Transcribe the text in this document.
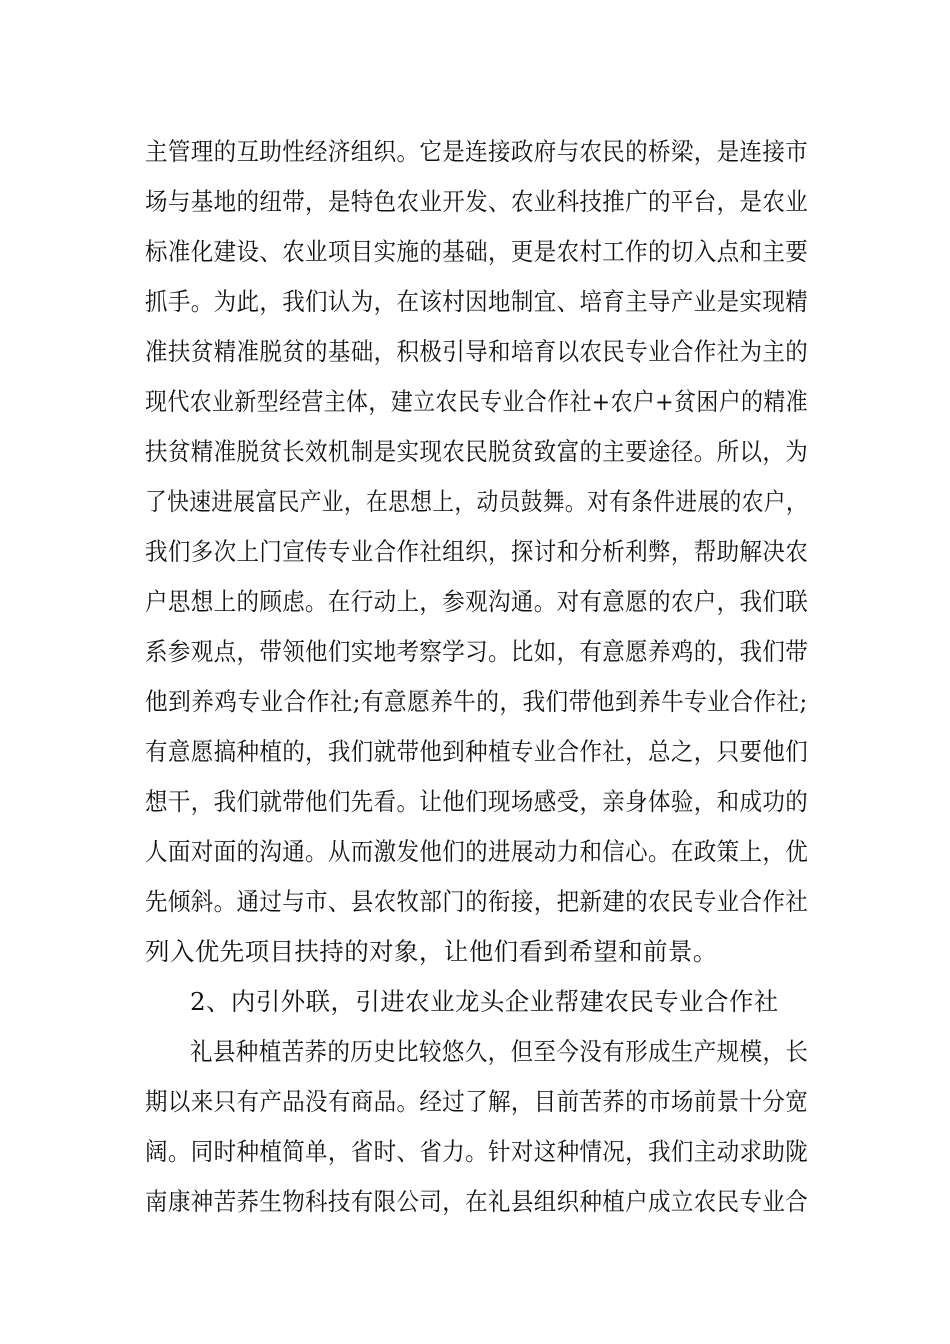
主管理的互助性经济组织。它是连接政府与农民的桥梁，是连接市
场与基地的纽带，是特色农业开发、农业科技推广的平台，是农业
标准化建设、农业项目实施的基础，更是农村工作的切入点和主要
抓手。为此，我们认为，在该村因地制宜、培育主导产业是实现精
准扶贫精准脱贫的基础，积极引导和培育以农民专业合作社为主的
现代农业新型经营主体，建立农民专业合作社+农户+贫困户的精准
扶贫精准脱贫长效机制是实现农民脱贫致富的主要途径。所以，为
了快速进展富民产业，在思想上，动员鼓舞。对有条件进展的农户，
我们多次上门宣传专业合作社组织，探讨和分析利弊，帮助解决农
户思想上的顾虑。在行动上，参观沟通。对有意愿的农户，我们联
系参观点，带领他们实地考察学习。比如，有意愿养鸡的，我们带
他到养鸡专业合作社;有意愿养牛的，我们带他到养牛专业合作社;
有意愿搞种植的，我们就带他到种植专业合作社，总之，只要他们
想干，我们就带他们先看。让他们现场感受，亲身体验，和成功的
人面对面的沟通。从而激发他们的进展动力和信心。在政策上，优
先倾斜。通过与市、县农牧部门的衔接，把新建的农民专业合作社
列入优先项目扶持的对象，让他们看到希望和前景。
2、内引外联，引进农业龙头企业帮建农民专业合作社
礼县种植苦荞的历史比较悠久，但至今没有形成生产规模，长
期以来只有产品没有商品。经过了解，目前苦荞的市场前景十分宽
阔。同时种植简单，省时、省力。针对这种情况，我们主动求助陇
南康神苦荞生物科技有限公司，在礼县组织种植户成立农民专业合
